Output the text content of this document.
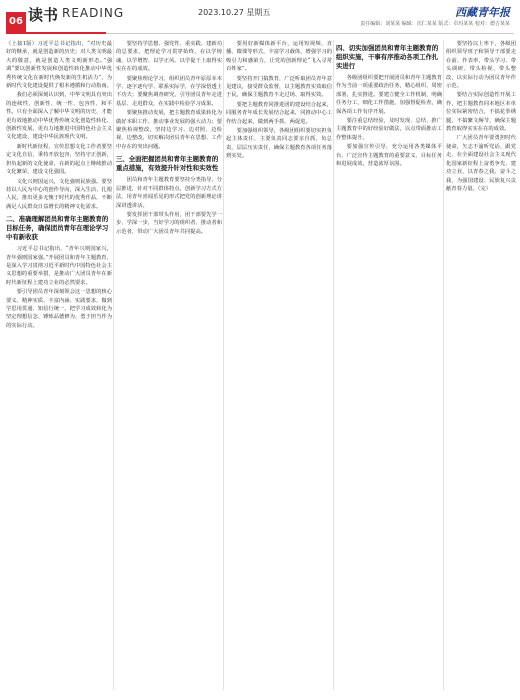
06 读书 READING	2023.10.27 星期五	西藏青年报
责任编辑：刘某某 编辑：次仁某某 版式：卓玛某某 校对：德吉某某

（上接1版）习近平总书记指出，“对历史最好的继承，就是创造新的历史；对人类文明最大的敬意，就是创造人类文明新形态。”强调“要以创新性发展和创造性转化推动中华优秀传统文化在新时代焕发新的生机活力”，为新时代文化建设提供了根本遵循和行动指南。

我们必须深刻认识到，中华文明具有突出的连续性、创新性、统一性、包容性、和平性。只有全面深入了解中华文明的历史，才能更有效地推动中华优秀传统文化创造性转化、创新性发展，更有力地推进中国特色社会主义文化建设，建设中华民族现代文明。

新时代新征程，宣传思想文化工作者要坚定文化自信，秉持开放包容，坚持守正创新，担负起新的文化使命，在新的起点上继续推动文化繁荣、建设文化强国。

文化兴则国运兴，文化强则民族强。要坚持以人民为中心的创作导向，深入生活、扎根人民，推出更多无愧于时代的优秀作品，不断满足人民群众日益增长的精神文化需求。

二、准确理解团员和青年主题教育的目标任务，确保团员青年在理论学习中有新收获

习近平总书记指出，“青年兴则国家兴，青年强则国家强。”开展团员和青年主题教育，是深入学习贯彻习近平新时代中国特色社会主义思想的重要举措，是推动广大团员青年在新时代新征程上建功立业的必然要求。

要引导团员青年深刻领会这一思想的核心要义、精神实质、丰富内涵、实践要求，做到学思用贯通、知信行统一，把学习成效转化为坚定理想信念、锤炼品德修为、勇于担当作为的实际行动。

要坚持学思想、强党性、重实践、建新功的总要求，把理论学习贯穿始终，在以学铸魂、以学增智、以学正风、以学促干上取得实实在在的成效。

要聚焦理论学习，组织团员青年原原本本学、逐字逐句学、联系实际学，在学深悟透上下功夫；要聚焦调查研究，引导团员青年走进基层、走进群众，在实践中检验学习成果。

要聚焦推动发展，把主题教育成果转化为做好本职工作、推动事业发展的强大动力；要聚焦检视整改，坚持边学习、边对照、边检视、边整改，切实解决团员青年在思想、工作中存在的突出问题。

三、全面把握团员和青年主题教育的重点措施，有效提升针对性和实效性

团员和青年主题教育要坚持分类指导、分层推进，针对不同群体特点，创新学习方式方法，用青年喜闻乐见的形式把党的创新理论讲深讲透讲活。

要发挥团干部带头作用，团干部要先学一步、学深一步，当好学习的组织者、推动者和示范者，带动广大团员青年共同提高。

要用好新媒体新平台，运用短视频、直播、微课等形式，丰富学习载体，增强学习的吸引力和感染力，让党的创新理论“飞入寻常百姓家”。

要坚持开门搞教育，广泛听取团员青年意见建议，接受群众监督，以主题教育实效取信于民，确保主题教育不走过场、取得实效。

要把主题教育同推进团的建设结合起来，同服务青年成长发展结合起来，同推动中心工作结合起来，做到两手抓、两促进。

要加强组织领导，各级团组织要切实担负起主体责任，主要负责同志要亲自抓、负总责，层层压实责任，确保主题教育各项任务落到实处。

四、切实加强团员和青年主题教育的组织实施，干事有序推动各项工作扎实进行

各级团组织要把开展团员和青年主题教育作为当前一项重要政治任务，精心组织、周密部署，扎实推进。要建立健全工作机制，明确任务分工，细化工作措施，加强督促检查，确保各项工作有序开展。

要注重总结经验，及时发现、总结、推广主题教育中的好经验好做法，以点带面推动工作整体提升。

要加强宣传引导，充分运用各类媒体平台，广泛宣传主题教育的重要意义、目标任务和进展成效，营造浓厚氛围。

要坚持以上率下，各级团组织领导班子和领导干部要走在前、作表率，带头学习、带头调研、带头检视、带头整改，以实际行动为团员青年作示范。

要结合实际创造性开展工作，把主题教育同本地区本单位实际紧密结合，不搞花拳绣腿，不搞繁文缛节，确保主题教育取得实实在在的成效。

广大团员青年要勇担时代使命，矢志不渝听党话、跟党走，在全面建设社会主义现代化国家新征程上奋勇争先、建功立业，以青春之我、奋斗之我，为强国建设、民族复兴贡献青春力量。（完）
